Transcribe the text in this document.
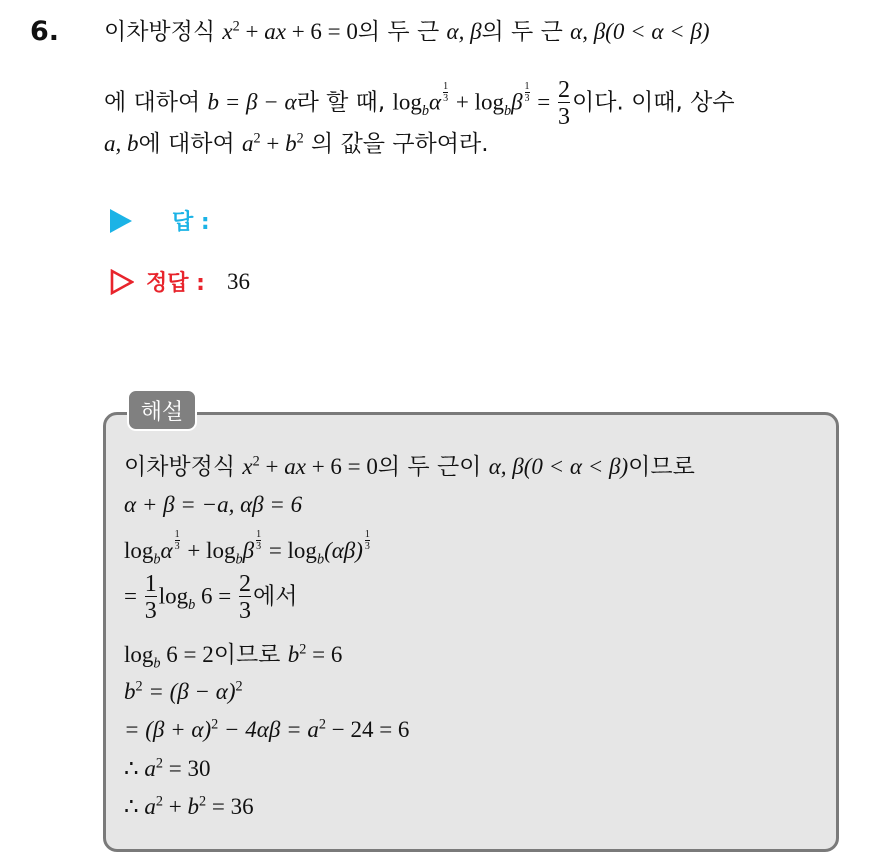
6. 이차방정식 $x^2$ + ax + 6 = 0의 두 근 α, β의 두 근 α, β(0 < α < β)
에 대하여 b = β − α라 할 때, $\log_b\alpha \frac{1}{3} + \log_b\beta \frac{1}{3} = \frac{2}{3}$ 이다. 이때, 상수
a, b에 대하여 $a^2 + b^2$ 의 값을 구하여라.
답 :
정답 : 36
해설
이차방정식 $x^2$ + ax + 6 = 0의 두 근이 α, β(0 < α < β)이므로
α + β = −a, αβ = 6
$\log_b\alpha \frac{1}{3} + \log_b\beta \frac{1}{3} = \log_b(\alpha\beta) \frac{1}{3}$
= $\frac{1}{3} \log_b 6 = \frac{2}{3}$ 에서
$\log_b 6 = 2$이므로 $b^2 = 6$
$b^2 = (\beta - \alpha)^2$
= $(\beta + \alpha)^2 - 4\alpha\beta = a^2 - 24 = 6$
∴ $a^2 = 30$
∴ $a^2 + b^2 = 36$
